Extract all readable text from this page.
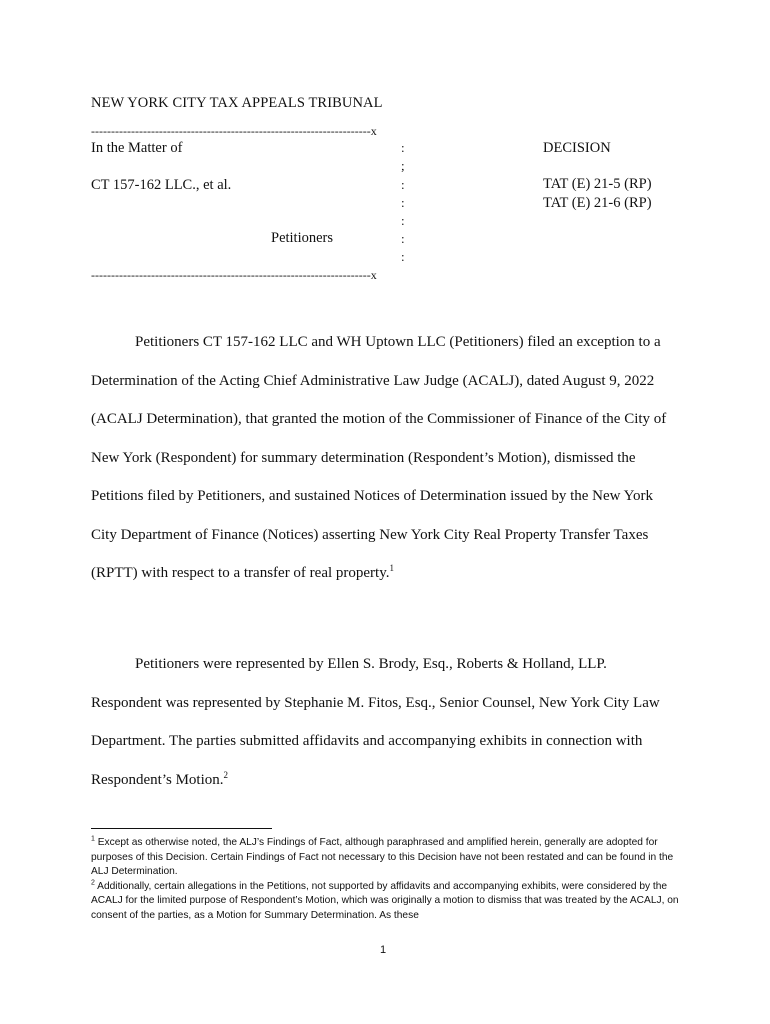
NEW YORK CITY TAX APPEALS TRIBUNAL
----------------------------------------------------------------------x
In the Matter of
CT 157-162 LLC., et al.
Petitioners
:
;
:
:
:
:
:
----------------------------------------------------------------------x
DECISION
TAT (E) 21-5 (RP)
TAT (E) 21-6 (RP)

Petitioners CT 157-162 LLC and WH Uptown LLC (Petitioners) filed an exception to a Determination of the Acting Chief Administrative Law Judge (ACALJ), dated August 9, 2022 (ACALJ Determination), that granted the motion of the Commissioner of Finance of the City of New York (Respondent) for summary determination (Respondent’s Motion), dismissed the Petitions filed by Petitioners, and sustained Notices of Determination issued by the New York City Department of Finance (Notices) asserting New York City Real Property Transfer Taxes (RPTT) with respect to a transfer of real property.$^1$

Petitioners were represented by Ellen S. Brody, Esq., Roberts & Holland, LLP. Respondent was represented by Stephanie M. Fitos, Esq., Senior Counsel, New York City Law Department. The parties submitted affidavits and accompanying exhibits in connection with Respondent’s Motion.$^2$

$^1$ Except as otherwise noted, the ALJ’s Findings of Fact, although paraphrased and amplified herein, generally are adopted for purposes of this Decision. Certain Findings of Fact not necessary to this Decision have not been restated and can be found in the ALJ Determination.

$^2$ Additionally, certain allegations in the Petitions, not supported by affidavits and accompanying exhibits, were considered by the ACALJ for the limited purpose of Respondent’s Motion, which was originally a motion to dismiss that was treated by the ACALJ, on consent of the parties, as a Motion for Summary Determination. As these

1
